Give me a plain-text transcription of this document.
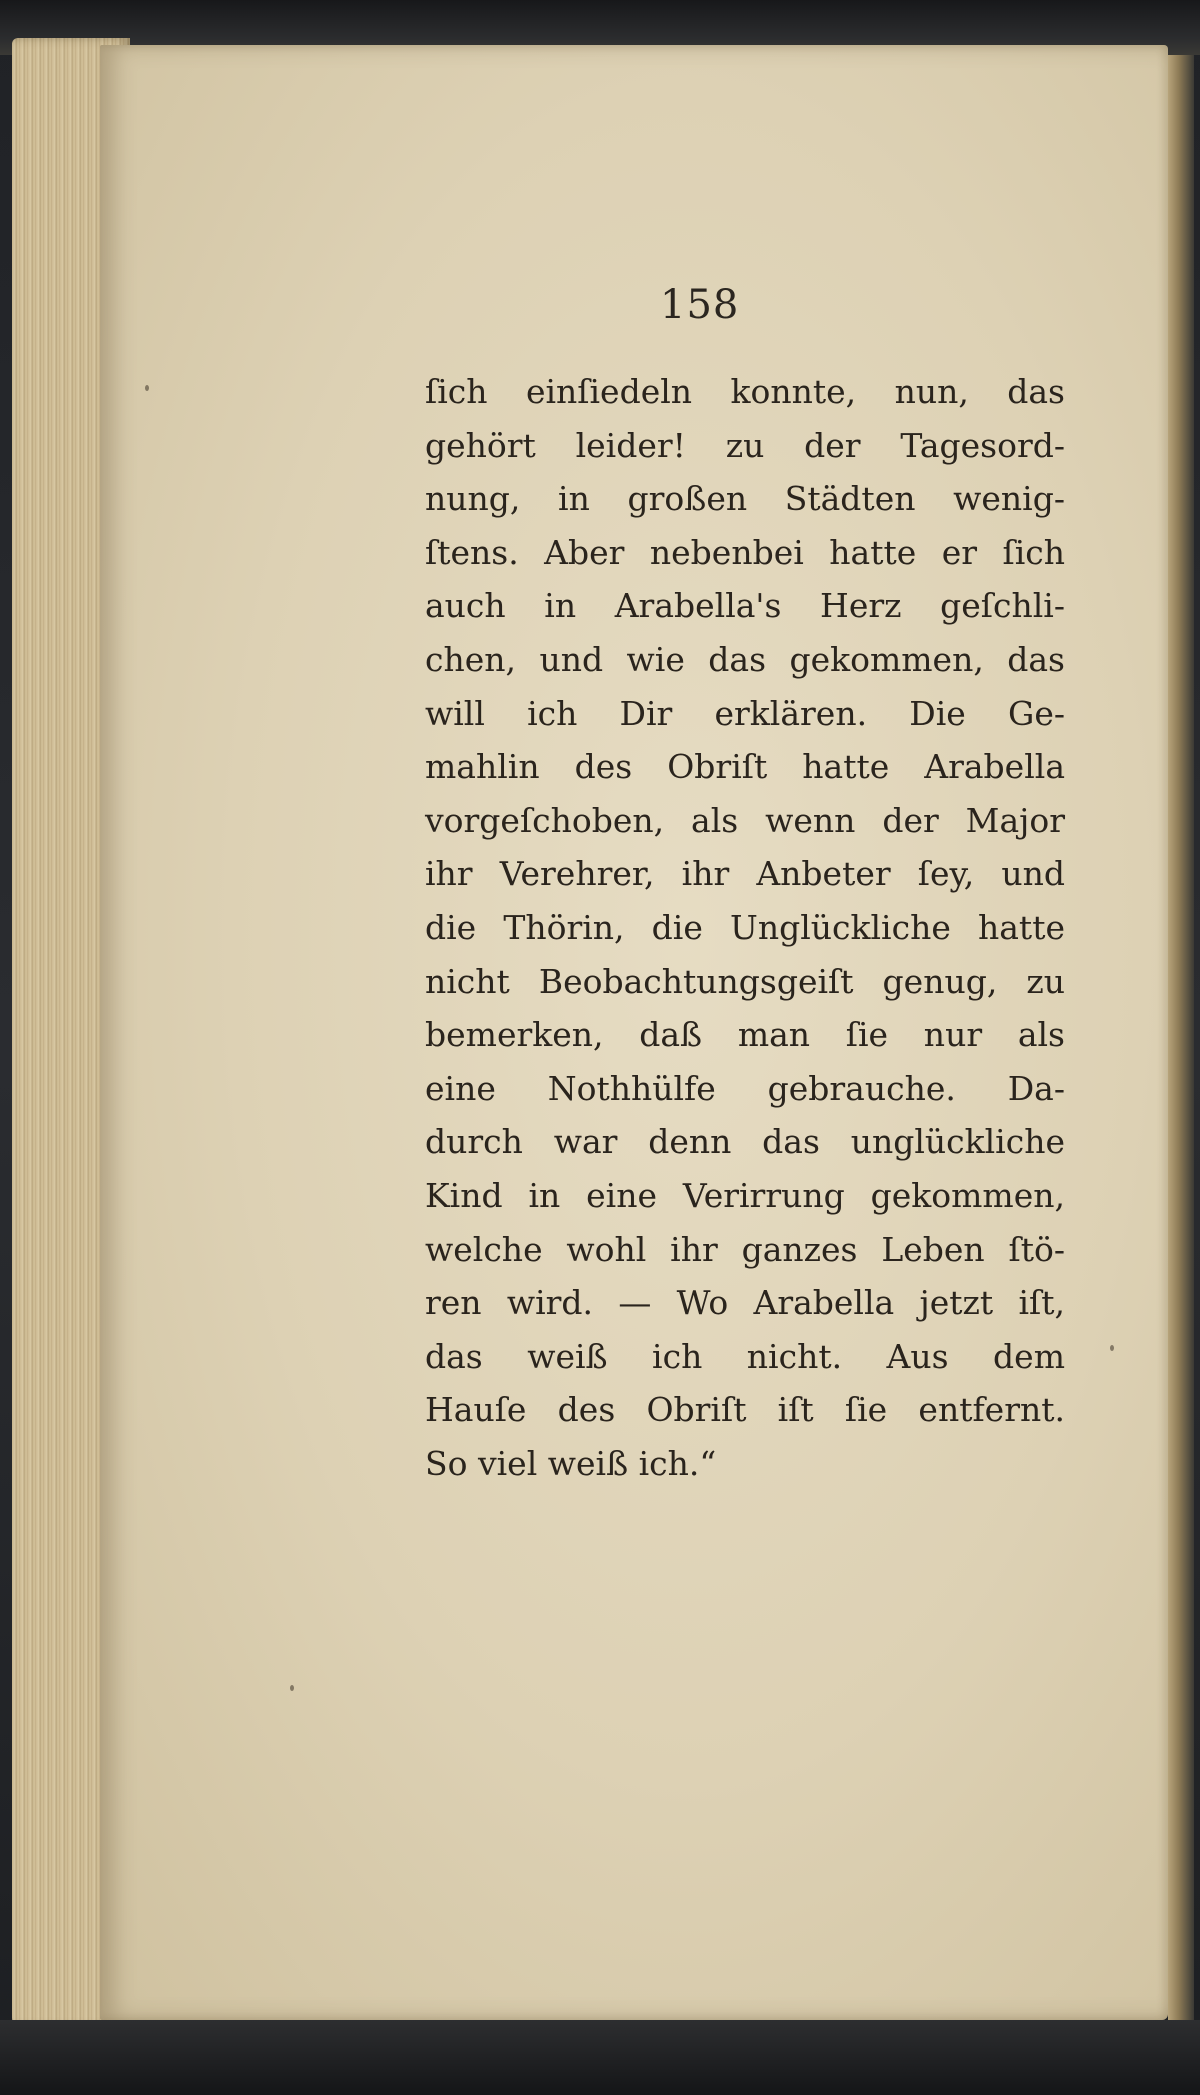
158
ſich einſiedeln konnte, nun, das
gehört leider! zu der Tagesord-
nung, in großen Städten wenig-
ſtens. Aber nebenbei hatte er ſich
auch in Arabella's Herz geſchli-
chen, und wie das gekommen, das
will ich Dir erklären. Die Ge-
mahlin des Obriſt hatte Arabella
vorgeſchoben, als wenn der Major
ihr Verehrer, ihr Anbeter ſey, und
die Thörin, die Unglückliche hatte
nicht Beobachtungsgeiſt genug, zu
bemerken, daß man ſie nur als
eine Nothhülfe gebrauche. Da-
durch war denn das unglückliche
Kind in eine Verirrung gekommen,
welche wohl ihr ganzes Leben ſtö-
ren wird. — Wo Arabella jetzt iſt,
das weiß ich nicht. Aus dem
Hauſe des Obriſt iſt ſie entfernt.
So viel weiß ich.“
